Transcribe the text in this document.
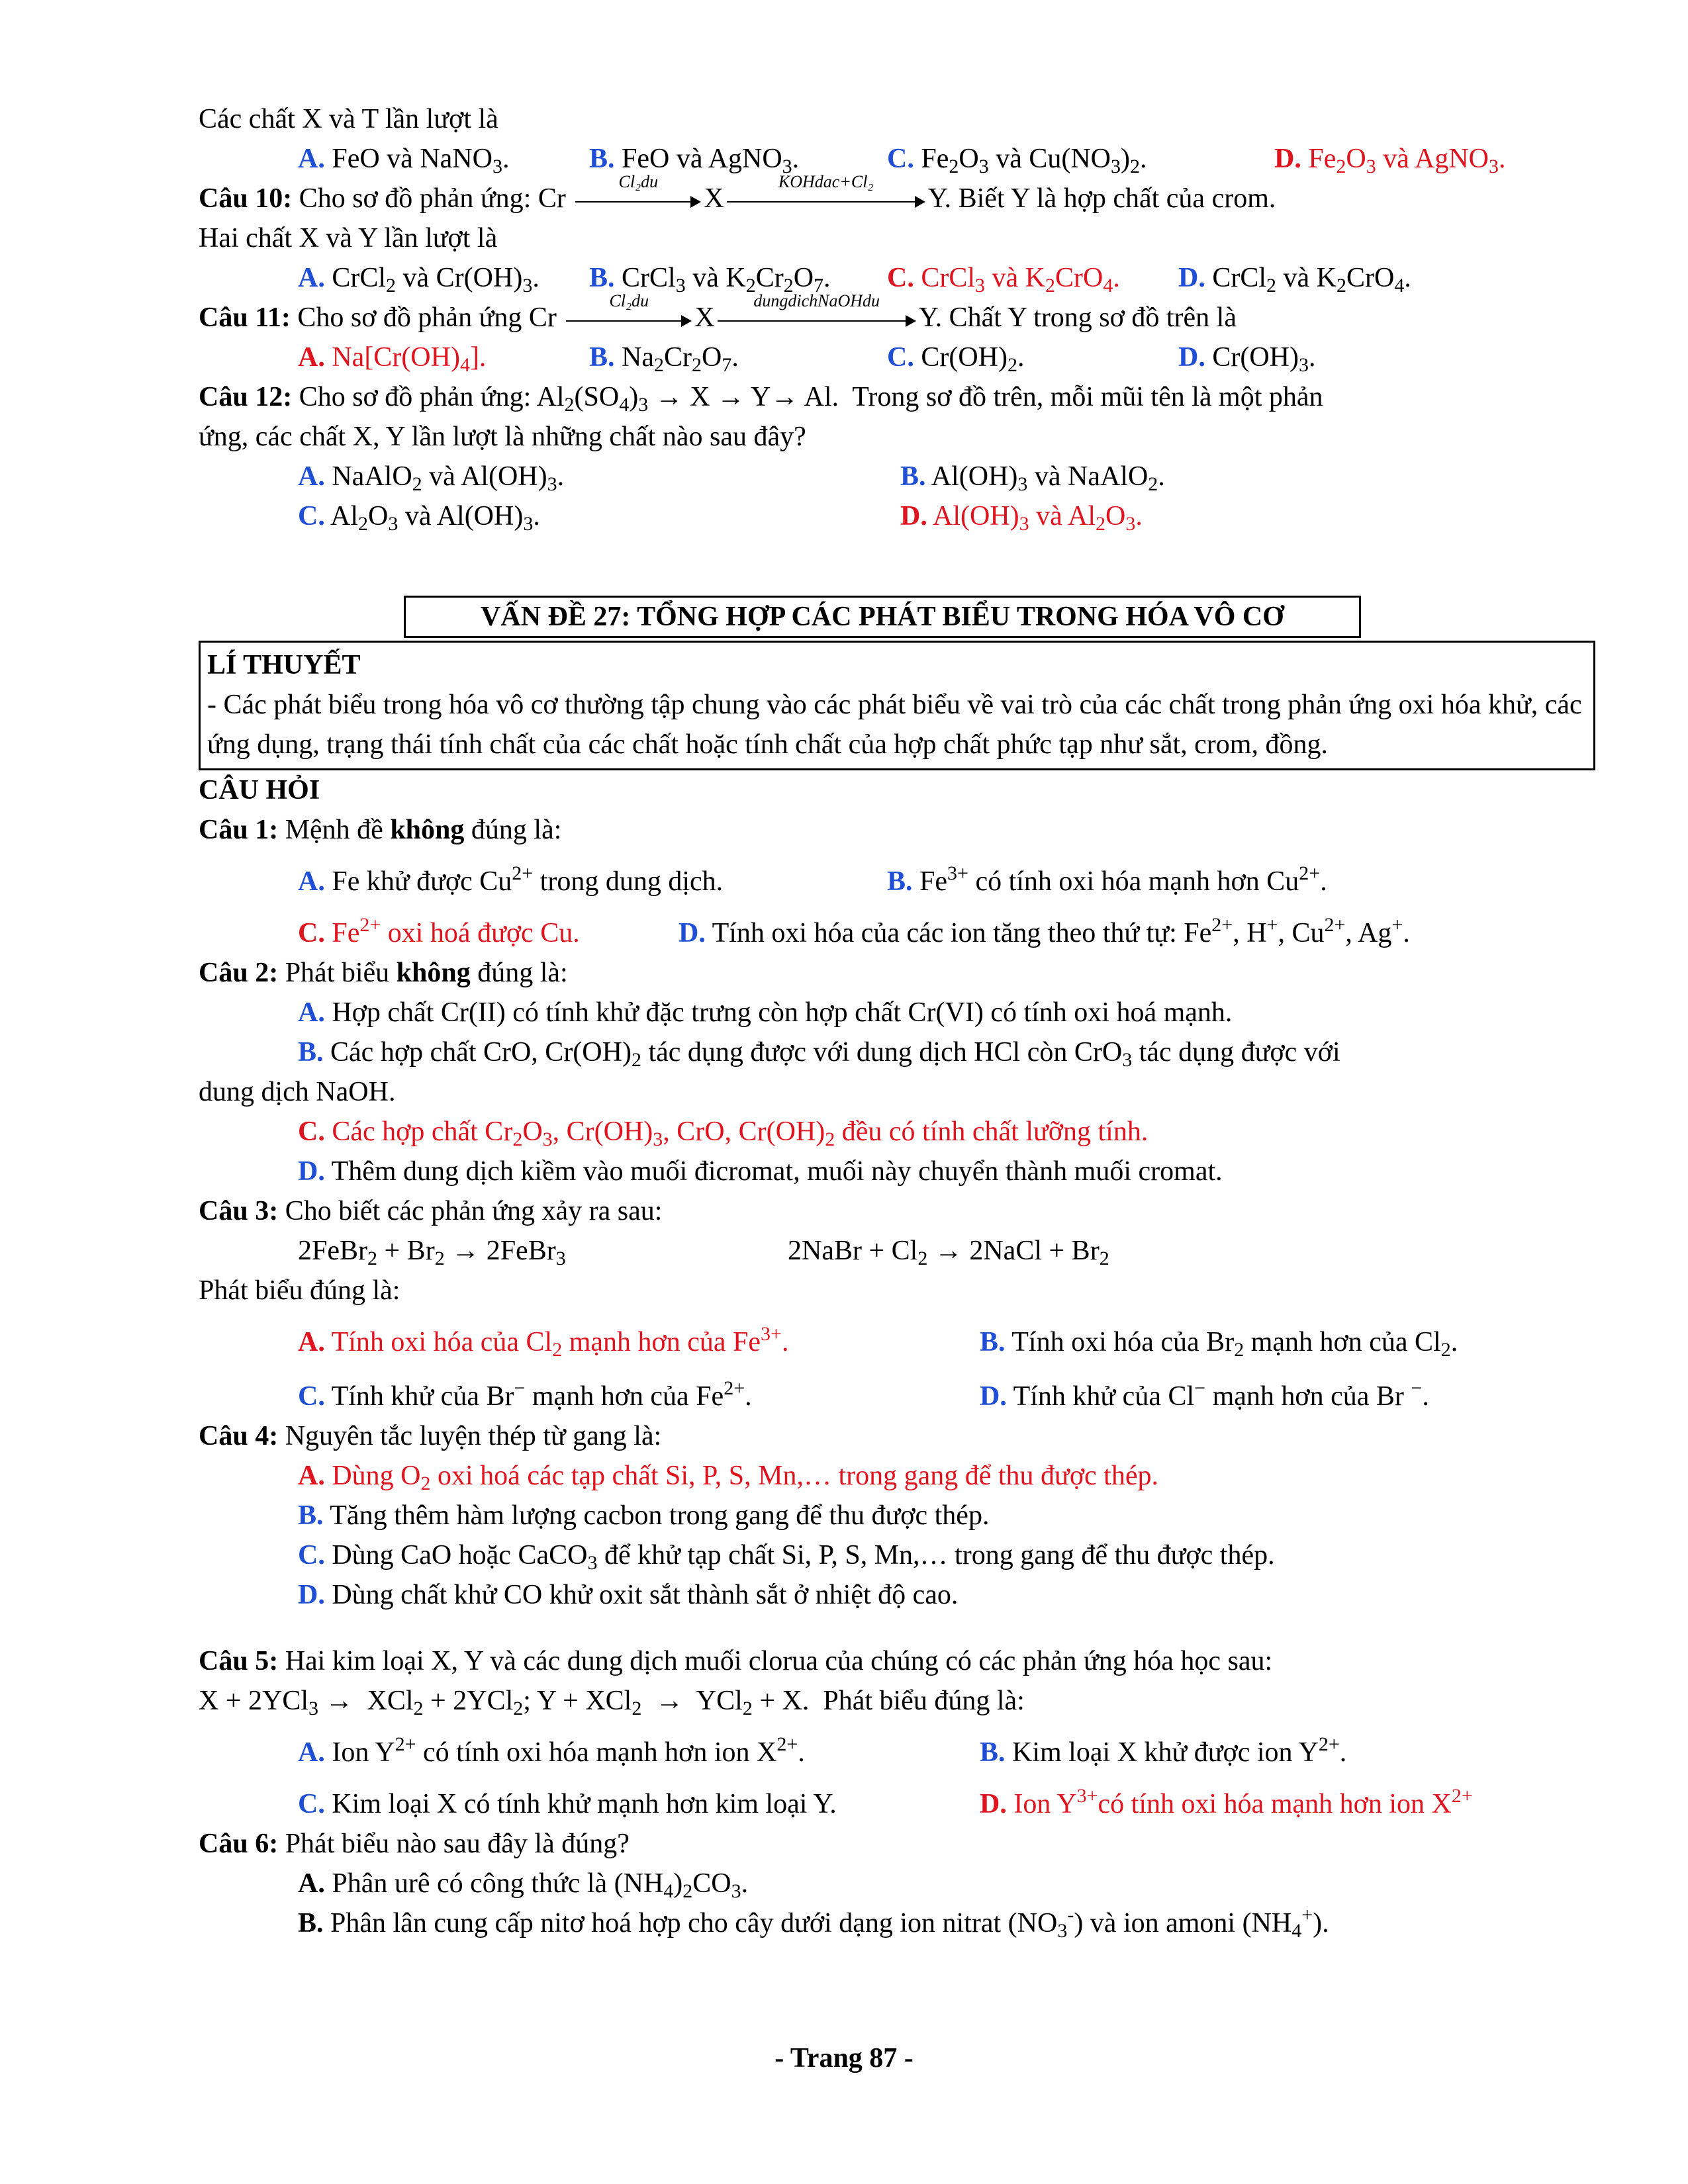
Các chất X và T lần lượt là
A. FeO và NaNO$_3$.	B. FeO và AgNO$_3$.	C. $Fe_2O_3$ và $Cu(NO_3)_2$.	D. $Fe_2O_3$ và AgNO$_3$.

Câu 10: Cho sơ đồ phản ứng: Cr
Cl₂du
X
KOHdac+Cl₂
Y. Biết Y là hợp chất của crom.
Hai chất X và Y lần lượt là
A. CrCl$_2$ và $Cr(OH)_3$. B. CrCl$_3$ và $K_2Cr_2O_7$. C. CrCl$_3$ và $K_2CrO_4$. D. CrCl$_2$ và $K_2CrO_4$.

Câu 11: Cho sơ đồ phản ứng Cr
Cl₂du
X
dungdichNaOHdu
Y. Chất Y trong sơ đồ trên là
A. $Na[Cr(OH)_4]$.	B. $Na_2Cr_2O_7$.	C. $Cr(OH)_2$.	D. $Cr(OH)_3$.

Câu 12: Cho sơ đồ phản ứng: $Al_2(SO_4)_3 \to X \to Y\to Al$.  Trong sơ đồ trên, mỗi mũi tên là một phản
ứng, các chất X, Y lần lượt là những chất nào sau đây?
A. NaAlO$_2$ và $Al(OH)_3$.	B. $Al(OH)_3$ và NaAlO$_2$.

C. $Al_2O_3$ và $Al(OH)_3$.	D. $Al(OH)_3$ và $Al_2O_3$.

VẤN ĐỀ 27: TỔNG HỢP CÁC PHÁT BIỂU TRONG HÓA VÔ CƠ
LÍ THUYẾT
- Các phát biểu trong hóa vô cơ thường tập chung vào các phát biểu về vai trò của các chất trong phản ứng oxi hóa khử, các ứng dụng, trạng thái tính chất của các chất hoặc tính chất của hợp chất phức tạp như sắt, crom, đồng.
CÂU HỎI
Câu 1: Mệnh đề không đúng là:
A. Fe khử được $Cu^{2+}$ trong dung dịch.	B. $Fe^{3+}$ có tính oxi hóa mạnh hơn $Cu^{2+}$.

C. $Fe^{2+}$ oxi hoá được Cu.	D. Tính oxi hóa của các ion tăng theo thứ tự: $Fe^{2+}$, H+, $Cu^{2+}$, Ag+.

Câu 2: Phát biểu không đúng là:
A. Hợp chất Cr(II) có tính khử đặc trưng còn hợp chất Cr(VI) có tính oxi hoá mạnh.
B. Các hợp chất CrO, $Cr(OH)_2$ tác dụng được với dung dịch HCl còn CrO$_3$ tác dụng được với
dung dịch NaOH.
C. Các hợp chất $Cr_2O_3$, $Cr(OH)_3$, CrO, $Cr(OH)_2$ đều có tính chất lưỡng tính.
D. Thêm dung dịch kiềm vào muối đicromat, muối này chuyển thành muối cromat.
Câu 3: Cho biết các phản ứng xảy ra sau:
2FeBr$_2$ + $Br_2$ → 2FeBr$_3$	2NaBr + $Cl_2$ → 2NaCl + $Br_2$

Phát biểu đúng là:
A. Tính oxi hóa của $Cl_2$ mạnh hơn của $Fe^{3+}$.	B. Tính oxi hóa của $Br_2$ mạnh hơn của $Cl_2$.

C. Tính khử của Br− mạnh hơn của $Fe^{2+}$.	D. Tính khử của Cl− mạnh hơn của Br −.

Câu 4: Nguyên tắc luyện thép từ gang là:
A. Dùng $O_2$ oxi hoá các tạp chất Si, P, S, Mn,… trong gang để thu được thép.
B. Tăng thêm hàm lượng cacbon trong gang để thu được thép.
C. Dùng CaO hoặc CaCO$_3$ để khử tạp chất Si, P, S, Mn,… trong gang để thu được thép.
D. Dùng chất khử CO khử oxit sắt thành sắt ở nhiệt độ cao.
Câu 5: Hai kim loại X, Y và các dung dịch muối clorua của chúng có các phản ứng hóa học sau:
X + 2YCl$_3$ →  XCl$_2$ + 2YCl$_2$; Y + XCl$_2$  →  YCl$_2$ + X.  Phát biểu đúng là:
A. Ion $Y^{2+}$ có tính oxi hóa mạnh hơn ion $X^{2+}$.	B. Kim loại X khử được ion $Y^{2+}$.

C. Kim loại X có tính khử mạnh hơn kim loại Y.	D. Ion $Y^{3+}có$ tính oxi hóa mạnh hơn ion $X^{2+}$

Câu 6: Phát biểu nào sau đây là đúng?
A. Phân urê có công thức là $(NH_4)_2CO_3$.
B. Phân lân cung cấp nitơ hoá hợp cho cây dưới dạng ion nitrat $(NO_3^-)$ và ion amoni $(NH_4^+)$.
- Trang 87 -
